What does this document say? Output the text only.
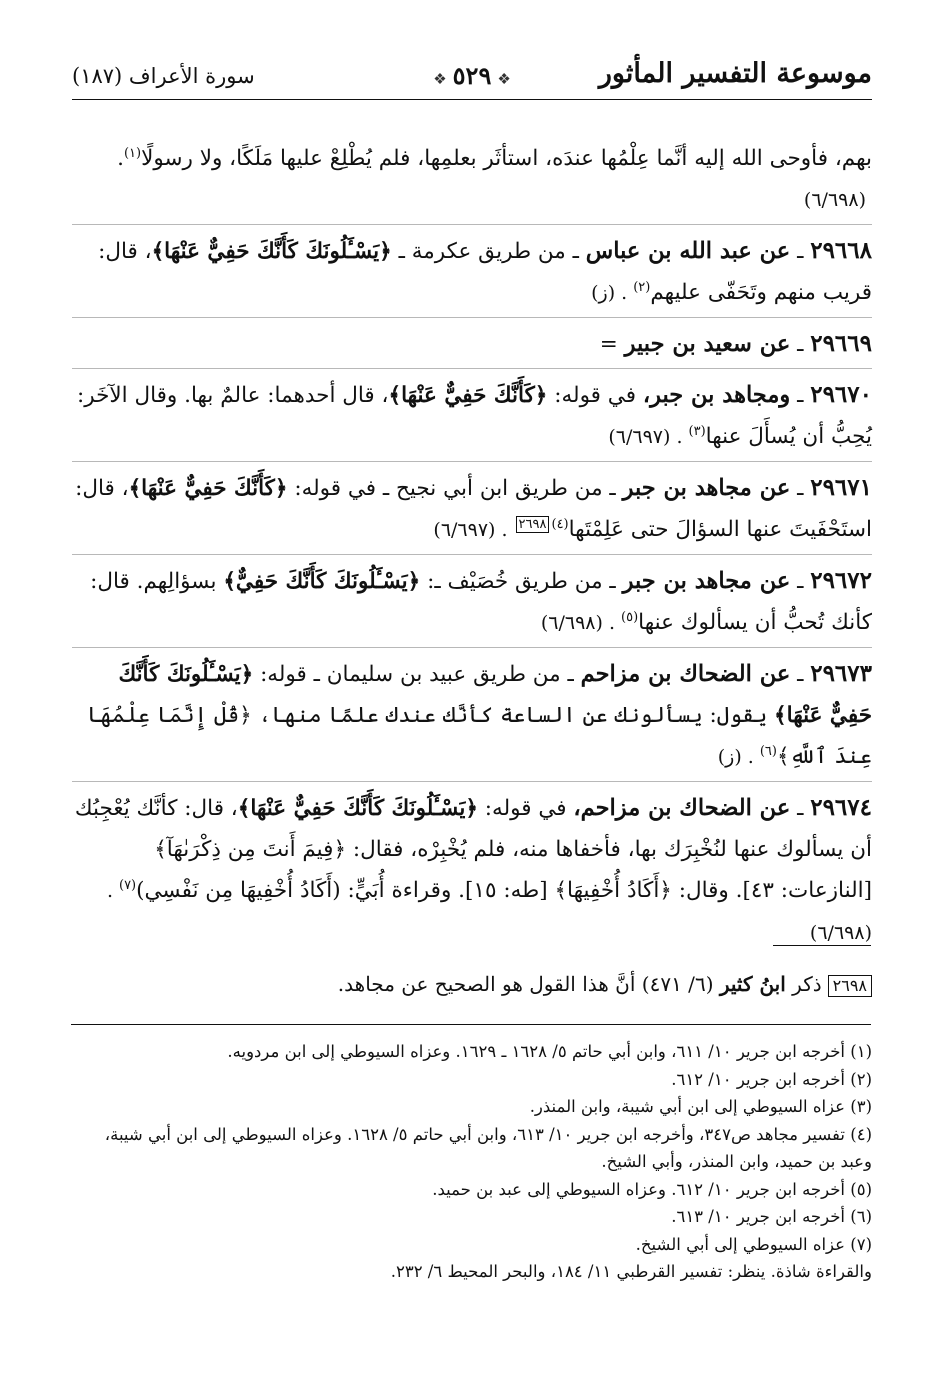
موسوعة التفسير المأثور
❖٥٢٩❖
سورة الأعراف (١٨٧)

بهم، فأوحى الله إليه أنَّما عِلْمُها عندَه، استأثَر بعلمِها، فلم يُطْلِعْ عليها مَلَكًا، ولا رسولًا$^{(١)}$. (٦/٦٩٨)

٢٩٦٦٨ ـ عن عبد الله بن عباس ـ من طريق عكرمة ـ ﴿يَسْـَٔلُونَكَ كَأَنَّكَ حَفِيٌّ عَنْهَا﴾، قال: قريب منهم وتَحَفّى عليهم$^{(٢)}$. (ز)

٢٩٦٦٩ ـ عن سعيد بن جبير =

٢٩٦٧٠ ـ ومجاهد بن جبر، في قوله: ﴿كَأَنَّكَ حَفِيٌّ عَنْهَا﴾، قال أحدهما: عالمٌ بها. وقال الآخَر: يُحِبُّ أن يُسأَلَ عنها$^{(٣)}$. (٦/٦٩٧)

٢٩٦٧١ ـ عن مجاهد بن جبر ـ من طريق ابن أبي نجيح ـ في قوله: ﴿كَأَنَّكَ حَفِيٌّ عَنْهَا﴾، قال: استَحْفَيتَ عنها السؤالَ حتى عَلِمْتَها$^{(٤)}$٢٦٩٨. (٦/٦٩٧)

٢٩٦٧٢ ـ عن مجاهد بن جبر ـ من طريق خُصَيْف ـ: ﴿يَسْـَٔلُونَكَ كَأَنَّكَ حَفِيٌّ﴾ بسؤالِهم. قال: كأنك تُحبُّ أن يسألوك عنها$^{(٥)}$. (٦/٦٩٨)

٢٩٦٧٣ ـ عن الضحاك بن مزاحم ـ من طريق عبيد بن سليمان ـ قوله: ﴿يَسْـَٔلُونَكَ كَأَنَّكَ حَفِيٌّ عَنْهَا﴾ يقول: يسألونك عن الساعة كأنَّك عندك علمًا منها، ﴿قُلْ إِنَّمَا عِلْمُهَا عِندَ ٱللَّهِ﴾$^{(٦)}$. (ز)

٢٩٦٧٤ ـ عن الضحاك بن مزاحم، في قوله: ﴿يَسْـَٔلُونَكَ كَأَنَّكَ حَفِيٌّ عَنْهَا﴾، قال: كأنَّك يُعْجِبُك أن يسألوك عنها لنُخْبِرَك بها، فأخفاها منه، فلم يُخْبِرْه، فقال: ﴿فِيمَ أَنتَ مِن ذِكْرَىٰهَآ﴾ [النازعات: ٤٣]. وقال: ﴿أَكَادُ أُخْفِيهَا﴾ [طه: ١٥]. وقراءة أُبَيٍّ: (أَكَادُ أُخْفِيهَا مِن نَفْسِي)$^{(٧)}$. (٦/٦٩٨)

٢٦٩٨ذكر ابنُ كثير (٦/ ٤٧١) أنَّ هذا القول هو الصحيح عن مجاهد.

(١) أخرجه ابن جرير ١٠/ ٦١١، وابن أبي حاتم ٥/ ١٦٢٨ ـ ١٦٢٩. وعزاه السيوطي إلى ابن مردويه.

(٢) أخرجه ابن جرير ١٠/ ٦١٢.

(٣) عزاه السيوطي إلى ابن أبي شيبة، وابن المنذر.

(٤) تفسير مجاهد ص٣٤٧، وأخرجه ابن جرير ١٠/ ٦١٣، وابن أبي حاتم ٥/ ١٦٢٨. وعزاه السيوطي إلى ابن أبي شيبة، وعبد بن حميد، وابن المنذر، وأبي الشيخ.

(٥) أخرجه ابن جرير ١٠/ ٦١٢. وعزاه السيوطي إلى عبد بن حميد.

(٦) أخرجه ابن جرير ١٠/ ٦١٣.

(٧) عزاه السيوطي إلى أبي الشيخ.

والقراءة شاذة. ينظر: تفسير القرطبي ١١/ ١٨٤، والبحر المحيط ٦/ ٢٣٢.
